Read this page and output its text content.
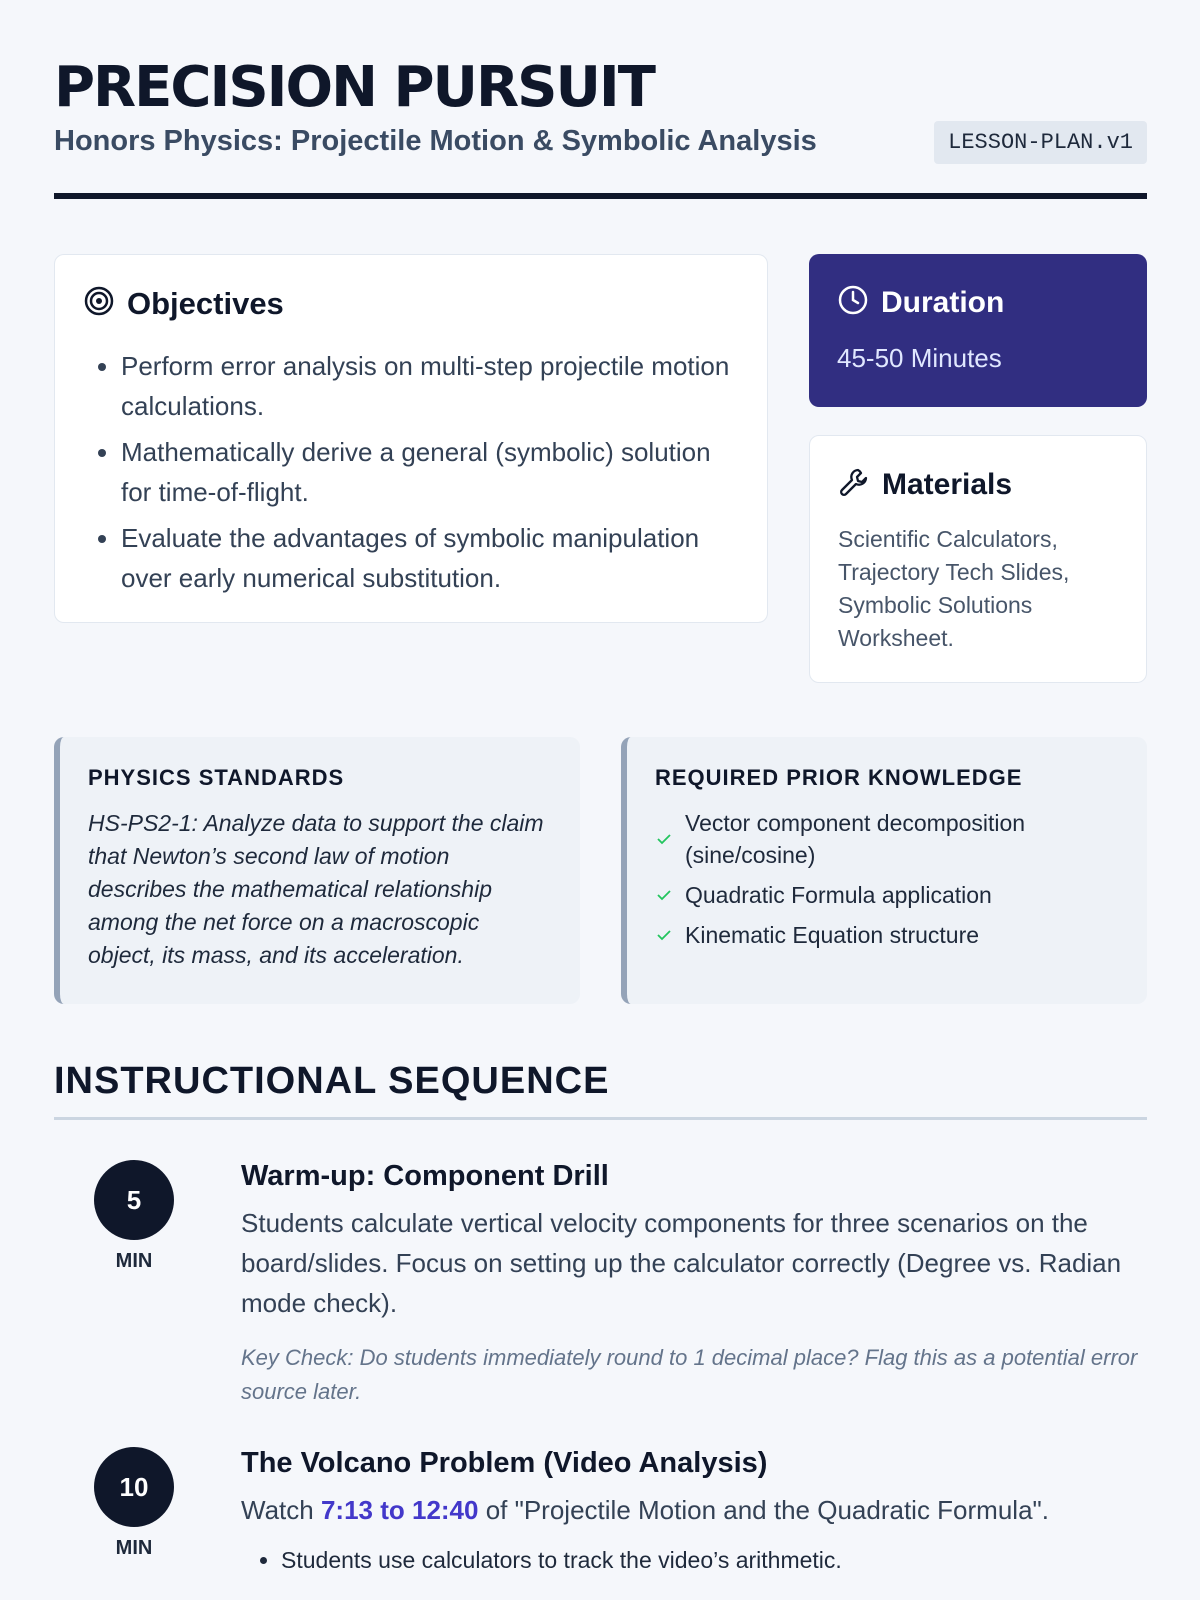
PRECISION PURSUIT
Honors Physics: Projectile Motion & Symbolic Analysis	LESSON-PLAN.v1
Objectives
• Perform error analysis on multi-step projectile motion calculations.
• Mathematically derive a general (symbolic) solution for time-of-flight.
• Evaluate the advantages of symbolic manipulation over early numerical substitution.
Duration
45-50 Minutes
Materials
Scientific Calculators, Trajectory Tech Slides, Symbolic Solutions Worksheet.
PHYSICS STANDARDS
HS-PS2-1: Analyze data to support the claim that Newton’s second law of motion describes the mathematical relationship among the net force on a macroscopic object, its mass, and its acceleration.
REQUIRED PRIOR KNOWLEDGE
Vector component decomposition (sine/cosine)
Quadratic Formula application
Kinematic Equation structure
INSTRUCTIONAL SEQUENCE
5
MIN
Warm-up: Component Drill
Students calculate vertical velocity components for three scenarios on the board/slides. Focus on setting up the calculator correctly (Degree vs. Radian mode check).
Key Check: Do students immediately round to 1 decimal place? Flag this as a potential error source later.
10
MIN
The Volcano Problem (Video Analysis)
Watch 7:13 to 12:40 of "Projectile Motion and the Quadratic Formula".
• Students use calculators to track the video’s arithmetic.
